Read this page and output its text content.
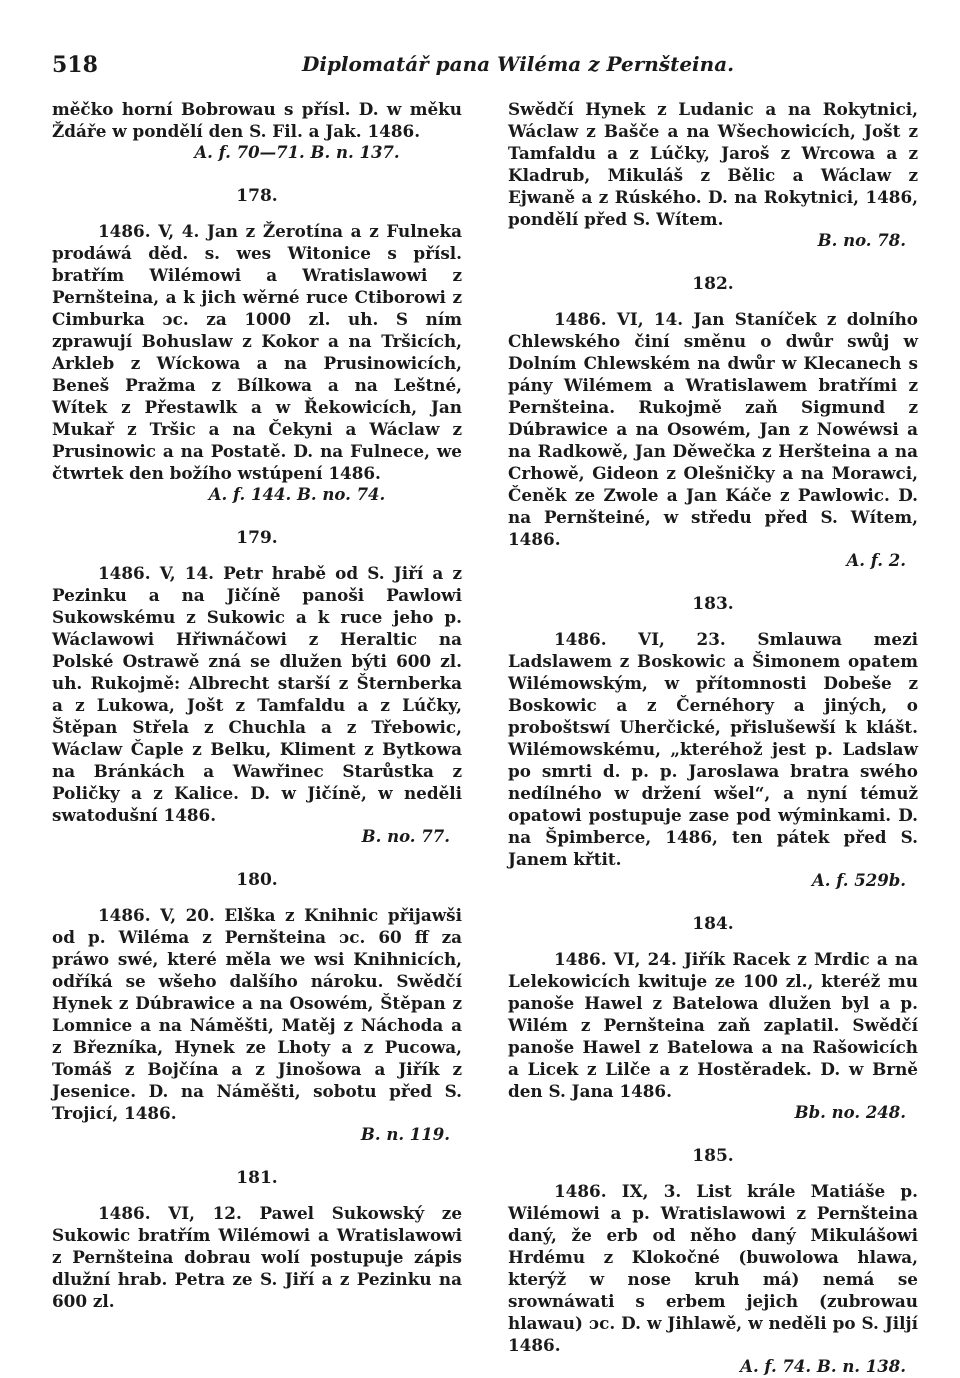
518	Diplomatář pana Wiléma z Pernšteina.

měčko horní Bobrowau s přísl. D. w měku Ždáře w pondělí den S. Fil. a Jak. 1486.

A. f. 70—71. B. n. 137.
178.

1486. V, 4. Jan z Žerotína a z Fulneka prodáwá děd. s. wes Witonice s přísl. bratřím Wilémowi a Wratislawowi z Pernšteina, a k jich wěrné ruce Ctiborowi z Cimburka ɔc. za 1000 zl. uh. S ním zprawují Bohuslaw z Kokor a na Tršicích, Arkleb z Wíckowa a na Prusinowicích, Beneš Pražma z Bílkowa a na Leštné, Wítek z Přestawlk a w Řekowicích, Jan Mukař z Tršic a na Čekyni a Wáclaw z Prusinowic a na Postatě. D. na Fulnece, we čtwrtek den božího wstúpení 1486.

A. f. 144. B. no. 74.
179.

1486. V, 14. Petr hrabě od S. Jiří a z Pezinku a na Jičíně panoši Pawlowi Sukowskému z Sukowic a k ruce jeho p. Wáclawowi Hřiwnáčowi z Heraltic na Polské Ostrawě zná se dlužen býti 600 zl. uh. Rukojmě: Albrecht starší z Šternberka a z Lukowa, Jošt z Tamfaldu a z Lúčky, Štěpan Střela z Chuchla a z Třebowic, Wáclaw Čaple z Belku, Kliment z Bytkowa na Bránkách a Wawřinec Starůstka z Poličky a z Kalice. D. w Jičíně, w neděli swatodušní 1486.

B. no. 77.
180.

1486. V, 20. Elška z Knihnic přijawši od p. Wiléma z Pernšteina ɔc. 60 ff za práwo swé, které měla we wsi Knihnicích, odříká se wšeho dalšího nároku. Swědčí Hynek z Dúbrawice a na Osowém, Štěpan z Lomnice a na Náměšti, Matěj z Náchoda a z Březníka, Hynek ze Lhoty a z Pucowa, Tomáš z Bojčína a z Jinošowa a Jiřík z Jesenice. D. na Náměšti, sobotu před S. Trojicí, 1486.

B. n. 119.
181.

1486. VI, 12. Pawel Sukowský ze Sukowic bratřím Wilémowi a Wratislawowi z Pernšteina dobrau wolí postupuje zápis dlužní hrab. Petra ze S. Jiří a z Pezinku na 600 zl.

Swědčí Hynek z Ludanic a na Rokytnici, Wáclaw z Bašče a na Wšechowicích, Jošt z Tamfaldu a z Lúčky, Jaroš z Wrcowa a z Kladrub, Mikuláš z Bělic a Wáclaw z Ejwaně a z Rúského. D. na Rokytnici, 1486, pondělí před S. Wítem.

B. no. 78.
182.

1486. VI, 14. Jan Staníček z dolního Chlewského činí směnu o dwůr swůj w Dolním Chlewském na dwůr w Klecanech s pány Wilémem a Wratislawem bratřími z Pernšteina. Rukojmě zaň Sigmund z Dúbrawice a na Osowém, Jan z Nowéwsi a na Radkowě, Jan Děwečka z Heršteina a na Crhowě, Gideon z Olešničky a na Morawci, Čeněk ze Zwole a Jan Káče z Pawlowic. D. na Pernšteiné, w středu před S. Wítem, 1486.

A. f. 2.
183.

1486. VI, 23. Smlauwa mezi Ladslawem z Boskowic a Šimonem opatem Wilémowským, w přítomnosti Dobeše z Boskowic a z Černéhory a jiných, o proboštswí Uherčické, přislušewší k klášt. Wilémowskému, „kteréhož jest p. Ladslaw po smrti d. p. p. Jaroslawa bratra swého nedílného w držení wšel“, a nyní témuž opatowi postupuje zase pod wýminkami. D. na Špimberce, 1486, ten pátek před S. Janem křtit.

A. f. 529b.
184.

1486. VI, 24. Jiřík Racek z Mrdic a na Lelekowicích kwituje ze 100 zl., kteréž mu panoše Hawel z Batelowa dlužen byl a p. Wilém z Pernšteina zaň zaplatil. Swědčí panoše Hawel z Batelowa a na Rašowicích a Licek z Lilče a z Hostěradek. D. w Brně den S. Jana 1486.

Bb. no. 248.
185.

1486. IX, 3. List krále Matiáše p. Wilémowi a p. Wratislawowi z Pernšteina daný, že erb od něho daný Mikulášowi Hrdému z Klokočné (buwolowa hlawa, kterýž w nose kruh má) nemá se srownáwati s erbem jejich (zubrowau hlawau) ɔc. D. w Jihlawě, w neděli po S. Jiljí 1486.

A. f. 74. B. n. 138.
